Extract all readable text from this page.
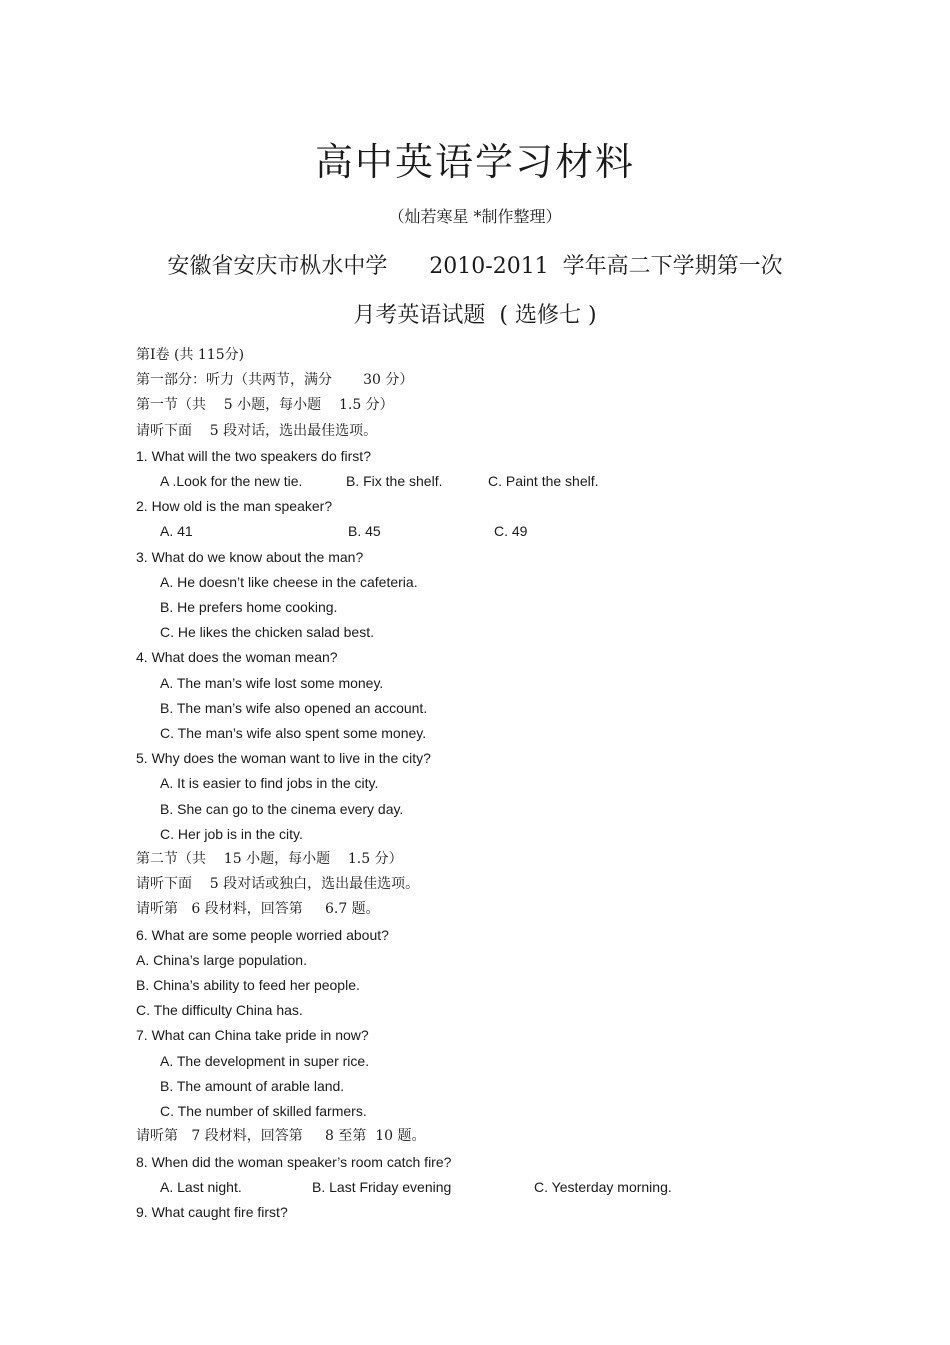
高中英语学习材料
（灿若寒星 *制作整理）
安徽省安庆市枞水中学      2010-2011  学年高二下学期第一次
月考英语试题  ( 选修七 )
第Ⅰ卷 (共 115分)
第一部分：听力（共两节，满分       30 分）
第一节（共    5 小题，每小题    1.5 分）
请听下面    5 段对话，选出最佳选项。
1. What will the two speakers do first?
A .Look for the new tie.	B. Fix the shelf.	C. Paint the shelf.
2. How old is the man speaker?
A. 41	B. 45	C. 49
3. What do we know about the man?
A. He doesn’t like cheese in the cafeteria.
B. He prefers home cooking.
C. He likes the chicken salad best.
4. What does the woman mean?
A. The man’s wife lost some money.
B. The man’s wife also opened an account.
C. The man’s wife also spent some money.
5. Why does the woman want to live in the city?
A. It is easier to find jobs in the city.
B. She can go to the cinema every day.
C. Her job is in the city.
第二节（共    15 小题，每小题    1.5 分）
请听下面    5 段对话或独白，选出最佳选项。
请听第   6 段材料，回答第     6.7 题。
6. What are some people worried about?
A. China’s large population.
B. China’s ability to feed her people.
C. The difficulty China has.
7. What can China take pride in now?
A. The development in super rice.
B. The amount of arable land.
C. The number of skilled farmers.
请听第   7 段材料，回答第     8 至第  10 题。
8. When did the woman speaker’s room catch fire?
A. Last night.	B. Last Friday evening	C. Yesterday morning.
9. What caught fire first?
